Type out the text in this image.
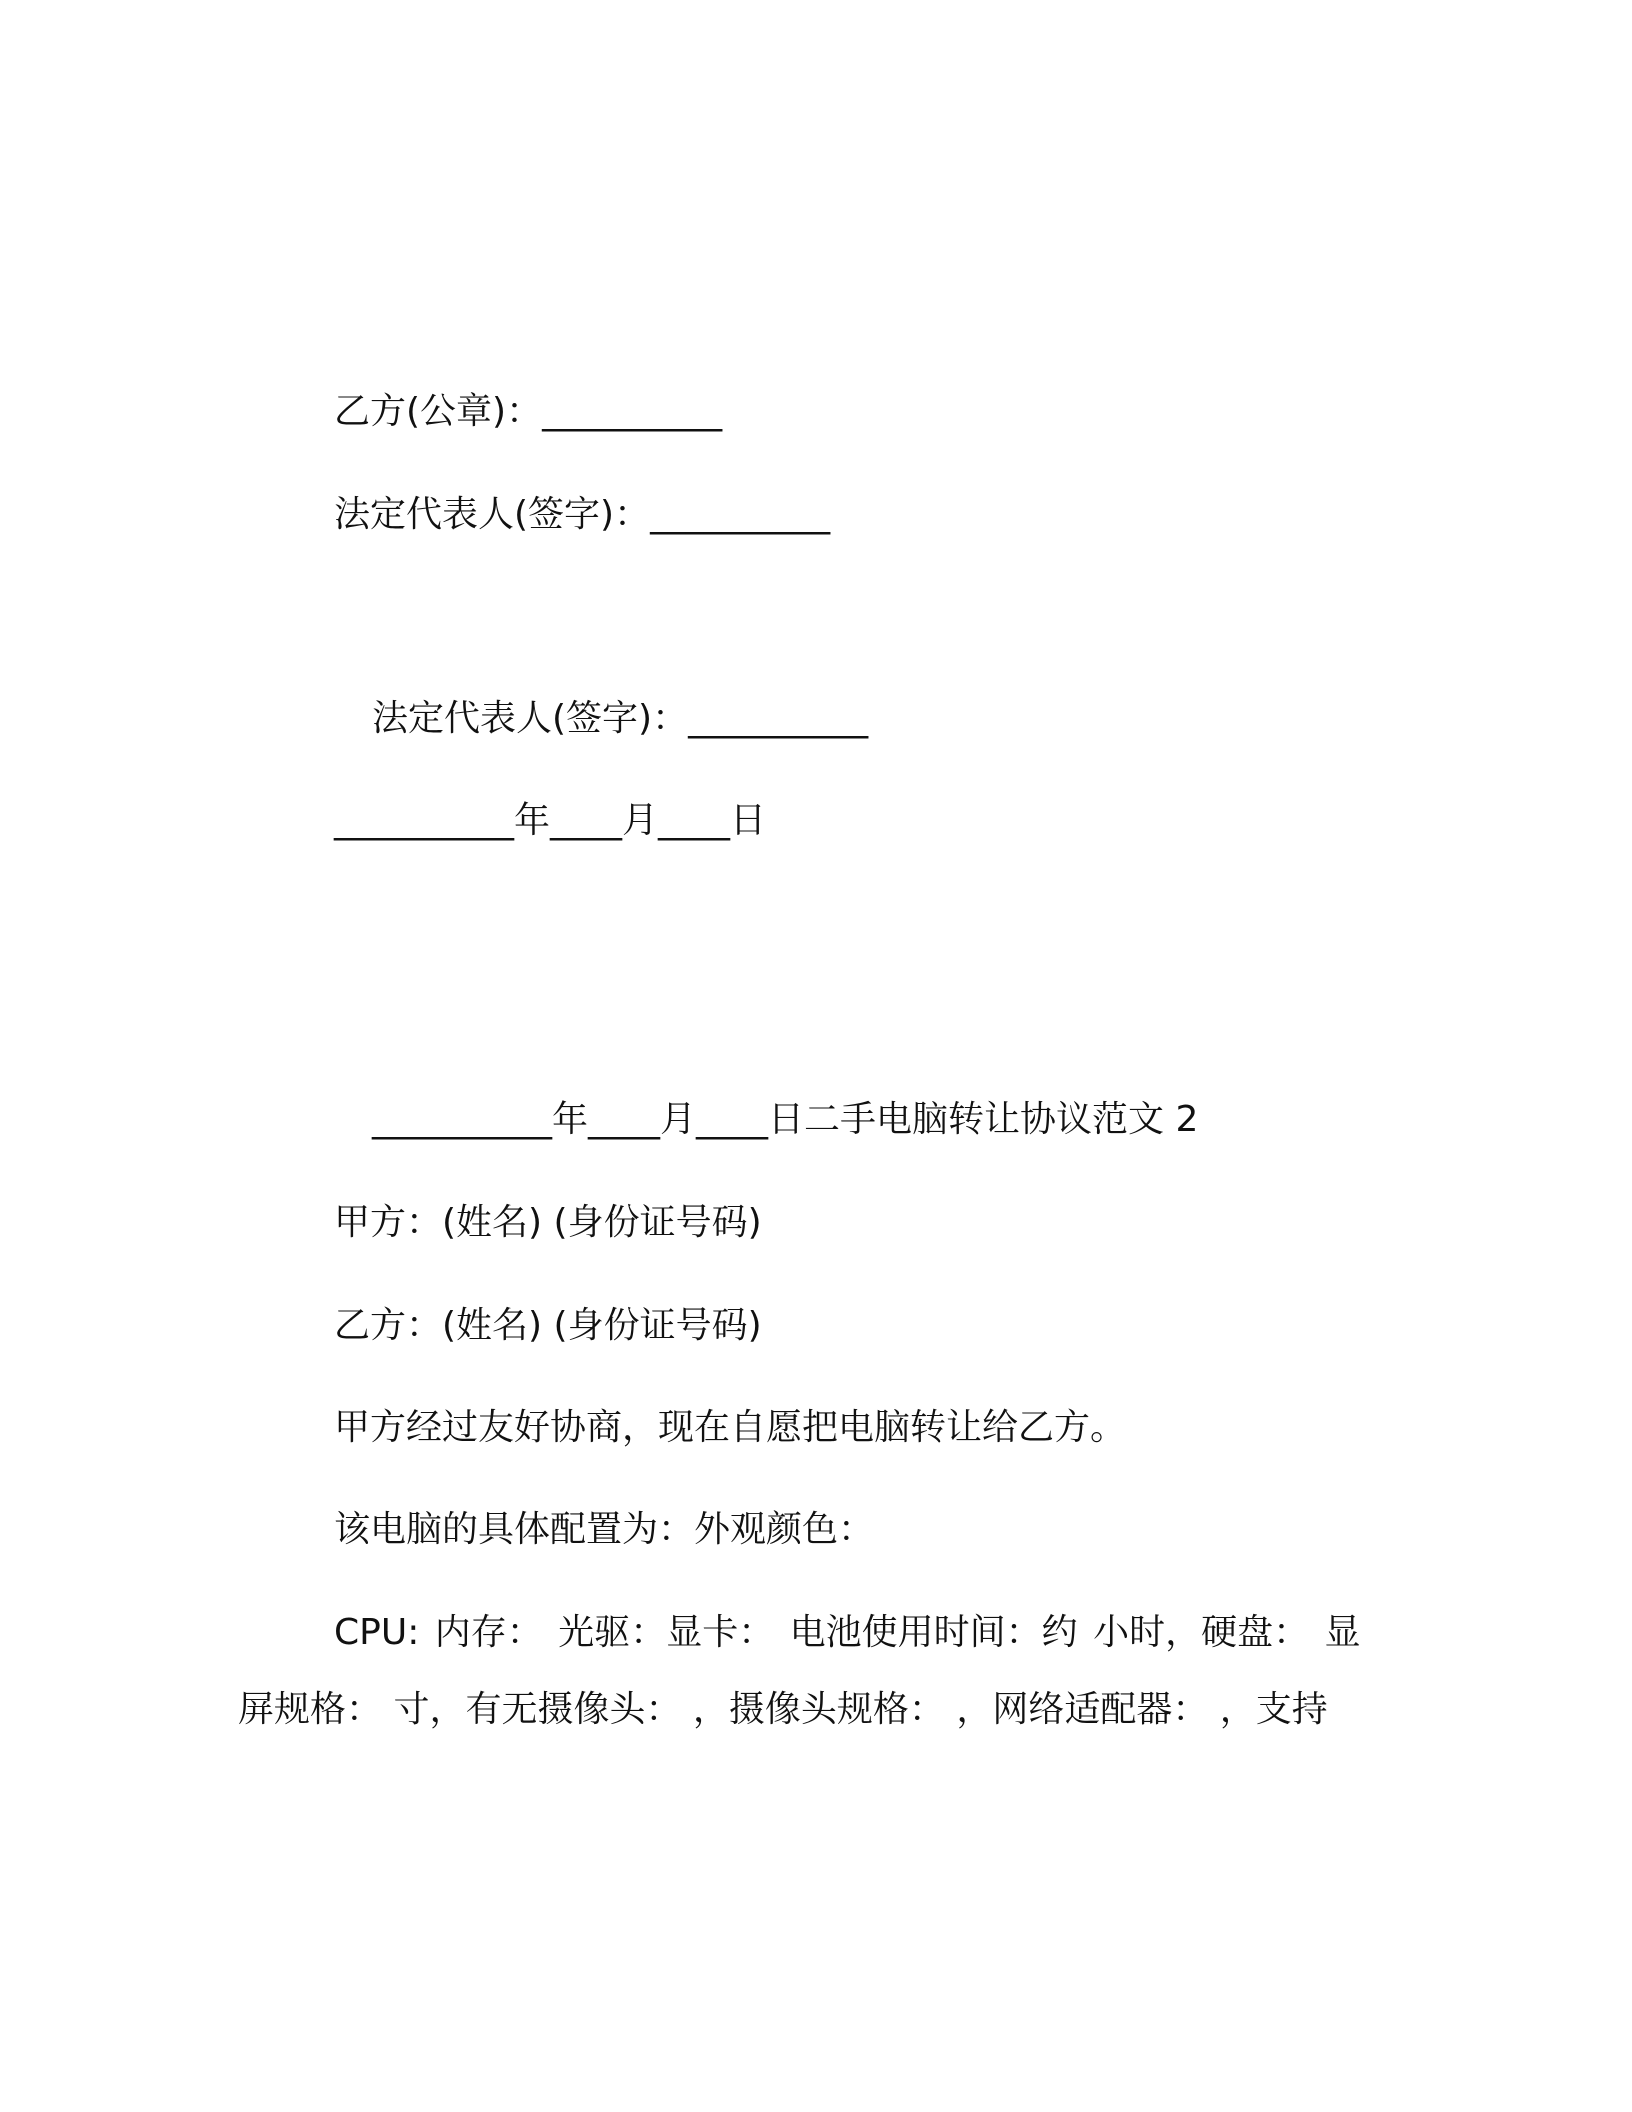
乙方(公章)：__________
法定代表人(签字)：__________
法定代表人(签字)：__________
__________年____月____日
__________年____月____日二手电脑转让协议范文 2
甲方：(姓名) (身份证号码)
乙方：(姓名) (身份证号码)
甲方经过友好协商，现在自愿把电脑转让给乙方。
该电脑的具体配置为：外观颜色：
CPU: 内存： 光驱：显卡： 电池使用时间：约 小时，硬盘： 显
屏规格： 寸，有无摄像头： ，摄像头规格： ，网络适配器： ，支持
